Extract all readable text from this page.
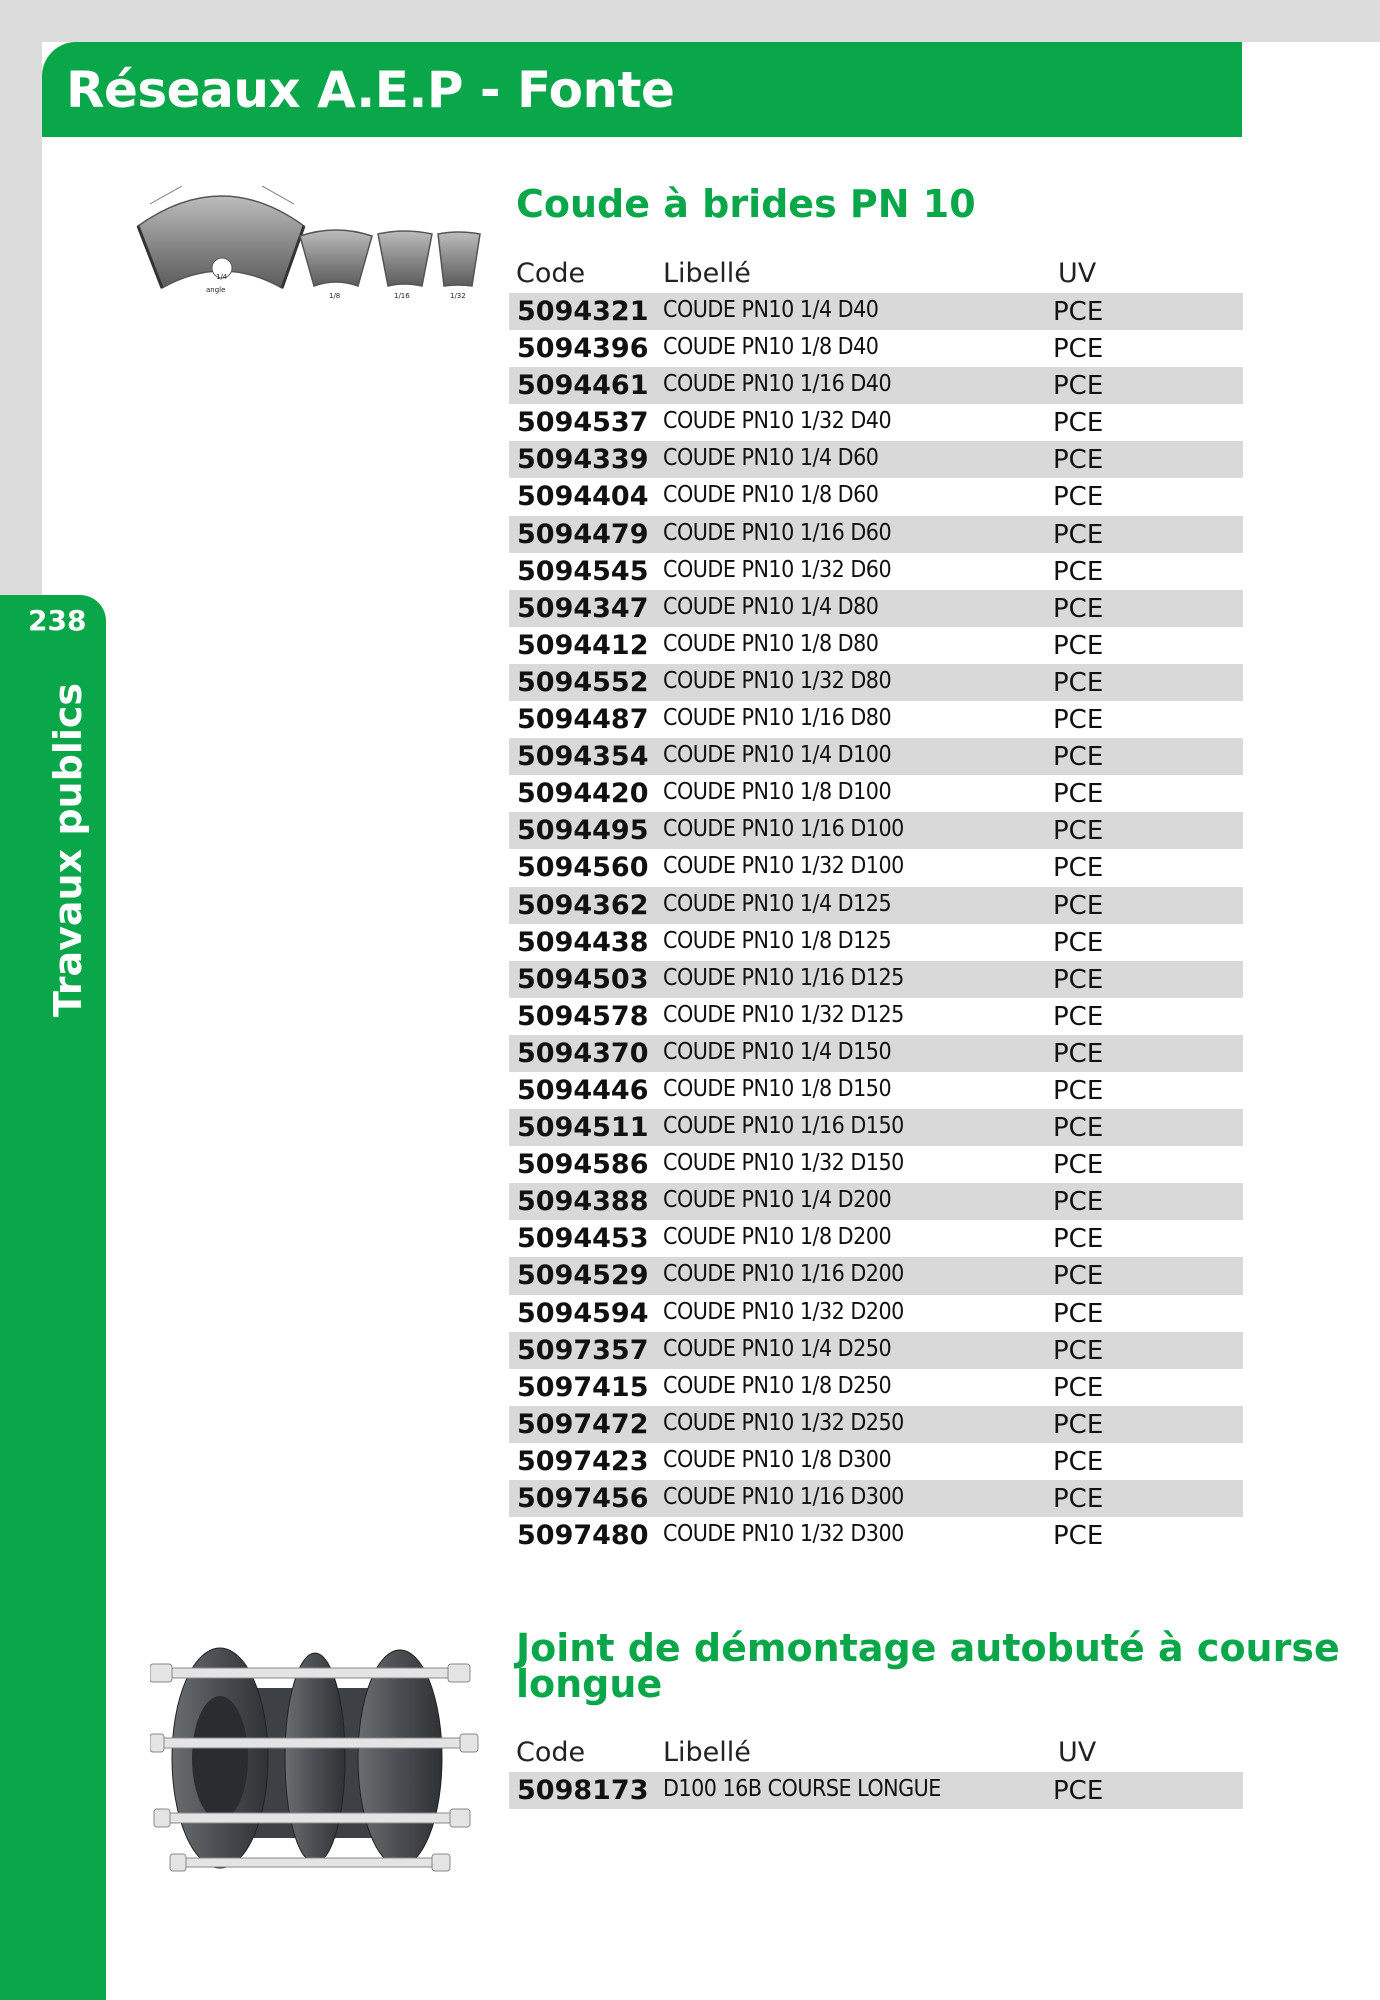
Réseaux A.E.P - Fonte
238
Travaux publics
1/4
angle
1/8	1/16	1/32
Coude à brides PN 10
Code	Libellé	UV
5094321 COUDE PN10 1/4 D40	PCE
5094396 COUDE PN10 1/8 D40	PCE
5094461 COUDE PN10 1/16 D40	PCE
5094537 COUDE PN10 1/32 D40	PCE
5094339 COUDE PN10 1/4 D60	PCE
5094404 COUDE PN10 1/8 D60	PCE
5094479 COUDE PN10 1/16 D60	PCE
5094545 COUDE PN10 1/32 D60	PCE
5094347 COUDE PN10 1/4 D80	PCE
5094412 COUDE PN10 1/8 D80	PCE
5094552 COUDE PN10 1/32 D80	PCE
5094487 COUDE PN10 1/16 D80	PCE
5094354 COUDE PN10 1/4 D100	PCE
5094420 COUDE PN10 1/8 D100	PCE
5094495 COUDE PN10 1/16 D100	PCE
5094560 COUDE PN10 1/32 D100	PCE
5094362 COUDE PN10 1/4 D125	PCE
5094438 COUDE PN10 1/8 D125	PCE
5094503 COUDE PN10 1/16 D125	PCE
5094578 COUDE PN10 1/32 D125	PCE
5094370 COUDE PN10 1/4 D150	PCE
5094446 COUDE PN10 1/8 D150	PCE
5094511 COUDE PN10 1/16 D150	PCE
5094586 COUDE PN10 1/32 D150	PCE
5094388 COUDE PN10 1/4 D200	PCE
5094453 COUDE PN10 1/8 D200	PCE
5094529 COUDE PN10 1/16 D200	PCE
5094594 COUDE PN10 1/32 D200	PCE
5097357 COUDE PN10 1/4 D250	PCE
5097415 COUDE PN10 1/8 D250	PCE
5097472 COUDE PN10 1/32 D250	PCE
5097423 COUDE PN10 1/8 D300	PCE
5097456 COUDE PN10 1/16 D300	PCE
5097480 COUDE PN10 1/32 D300	PCE
Joint de démontage autobuté à course
longue
Code	Libellé	UV
5098173 D100 16B COURSE LONGUE	PCE
